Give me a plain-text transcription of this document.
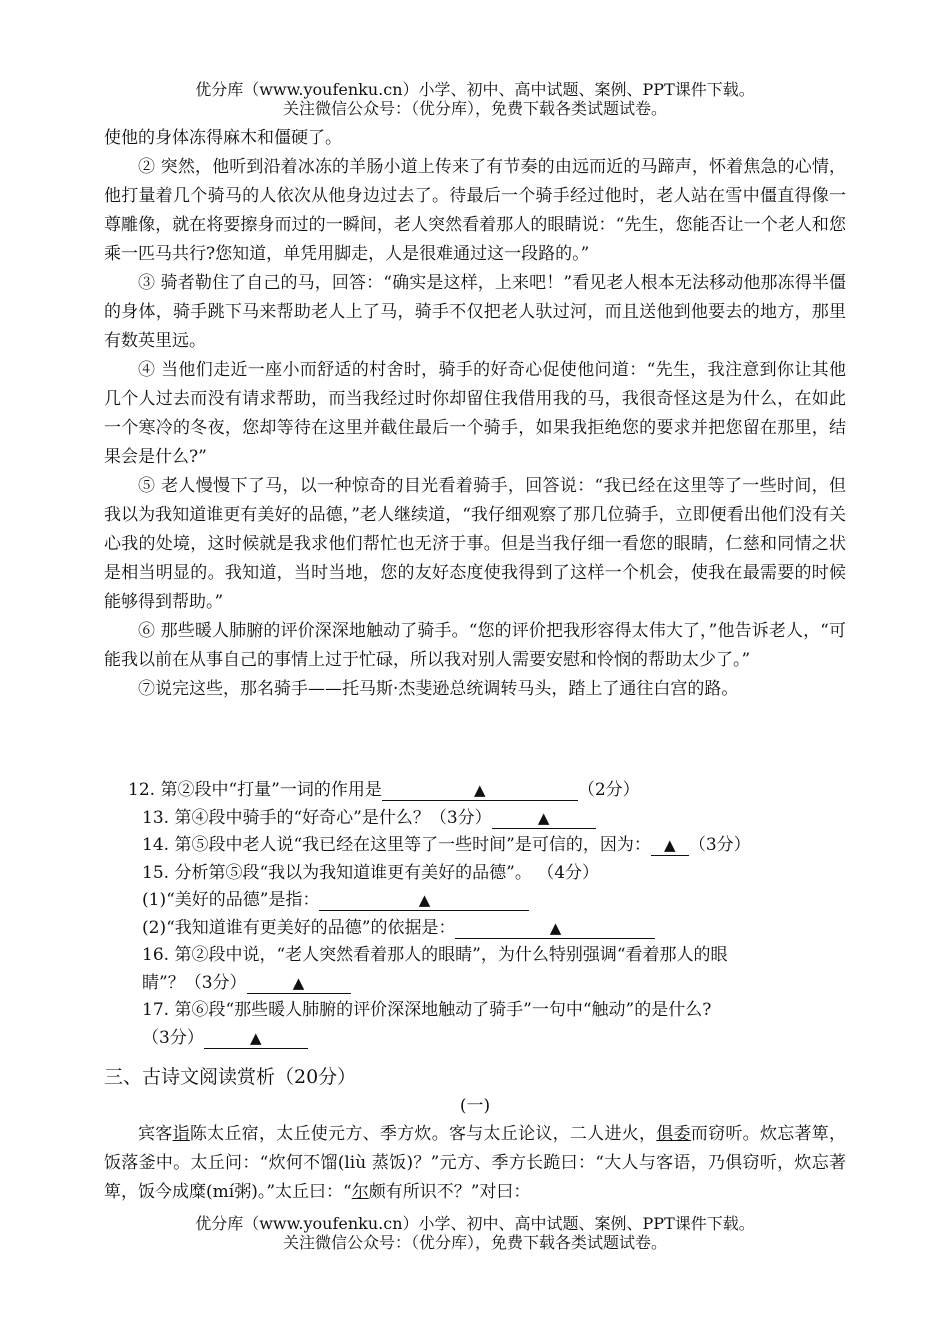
优分库（www.youfenku.cn）小学、初中、高中试题、案例、PPT课件下载。
关注微信公众号：（优分库），免费下载各类试题试卷。

使他的身体冻得麻木和僵硬了。

② 突然，他听到沿着冰冻的羊肠小道上传来了有节奏的由远而近的马蹄声，怀着焦急的心情，他打量着几个骑马的人依次从他身边过去了。待最后一个骑手经过他时，老人站在雪中僵直得像一尊雕像，就在将要擦身而过的一瞬间，老人突然看着那人的眼睛说：“先生，您能否让一个老人和您乘一匹马共行?您知道，单凭用脚走，人是很难通过这一段路的。”

③ 骑者勒住了自己的马，回答：“确实是这样，上来吧！”看见老人根本无法移动他那冻得半僵的身体，骑手跳下马来帮助老人上了马，骑手不仅把老人驮过河，而且送他到他要去的地方，那里有数英里远。

④ 当他们走近一座小而舒适的村舍时，骑手的好奇心促使他问道：“先生，我注意到你让其他几个人过去而没有请求帮助，而当我经过时你却留住我借用我的马，我很奇怪这是为什么，在如此一个寒冷的冬夜，您却等待在这里并截住最后一个骑手，如果我拒绝您的要求并把您留在那里，结果会是什么?”

⑤ 老人慢慢下了马，以一种惊奇的目光看着骑手，回答说：“我已经在这里等了一些时间，但我以为我知道谁更有美好的品德，”老人继续道，“我仔细观察了那几位骑手，立即便看出他们没有关心我的处境，这时候就是我求他们帮忙也无济于事。但是当我仔细一看您的眼睛，仁慈和同情之状是相当明显的。我知道，当时当地，您的友好态度使我得到了这样一个机会，使我在最需要的时候能够得到帮助。”

⑥ 那些暖人肺腑的评价深深地触动了骑手。“您的评价把我形容得太伟大了，”他告诉老人，“可能我以前在从事自己的事情上过于忙碌，所以我对别人需要安慰和怜悯的帮助太少了。”

⑦说完这些，那名骑手——托马斯·杰斐逊总统调转马头，踏上了通往白宫的路。

12. 第②段中“打量”一词的作用是	▲	（2分）

13. 第④段中骑手的“好奇心”是什么？（3分）	▲

14. 第⑤段中老人说“我已经在这里等了一些时间”是可信的，因为： ▲ （3分）

15. 分析第⑤段“我以为我知道谁更有美好的品德”。 （4分）

(1)“美好的品德”是指：	▲

(2)“我知道谁有更美好的品德”的依据是：	▲

16. 第②段中说，“老人突然看着那人的眼睛”，为什么特别强调“看着那人的眼

睛”？（3分）	▲

17. 第⑥段“那些暖人肺腑的评价深深地触动了骑手”一句中“触动”的是什么?

（3分）	▲

三、古诗文阅读赏析（20分）

(一)

宾客诣陈太丘宿，太丘使元方、季方炊。客与太丘论议，二人进火，俱委而窃听。炊忘著箄，饭落釜中。太丘问：“炊何不馏(liù 蒸饭)？”元方、季方长跪曰：“大人与客语，乃俱窃听，炊忘著箄，饭今成糜(mí粥)。”太丘曰：“尔颇有所识不？”对曰：

优分库（www.youfenku.cn）小学、初中、高中试题、案例、PPT课件下载。
关注微信公众号：（优分库），免费下载各类试题试卷。
